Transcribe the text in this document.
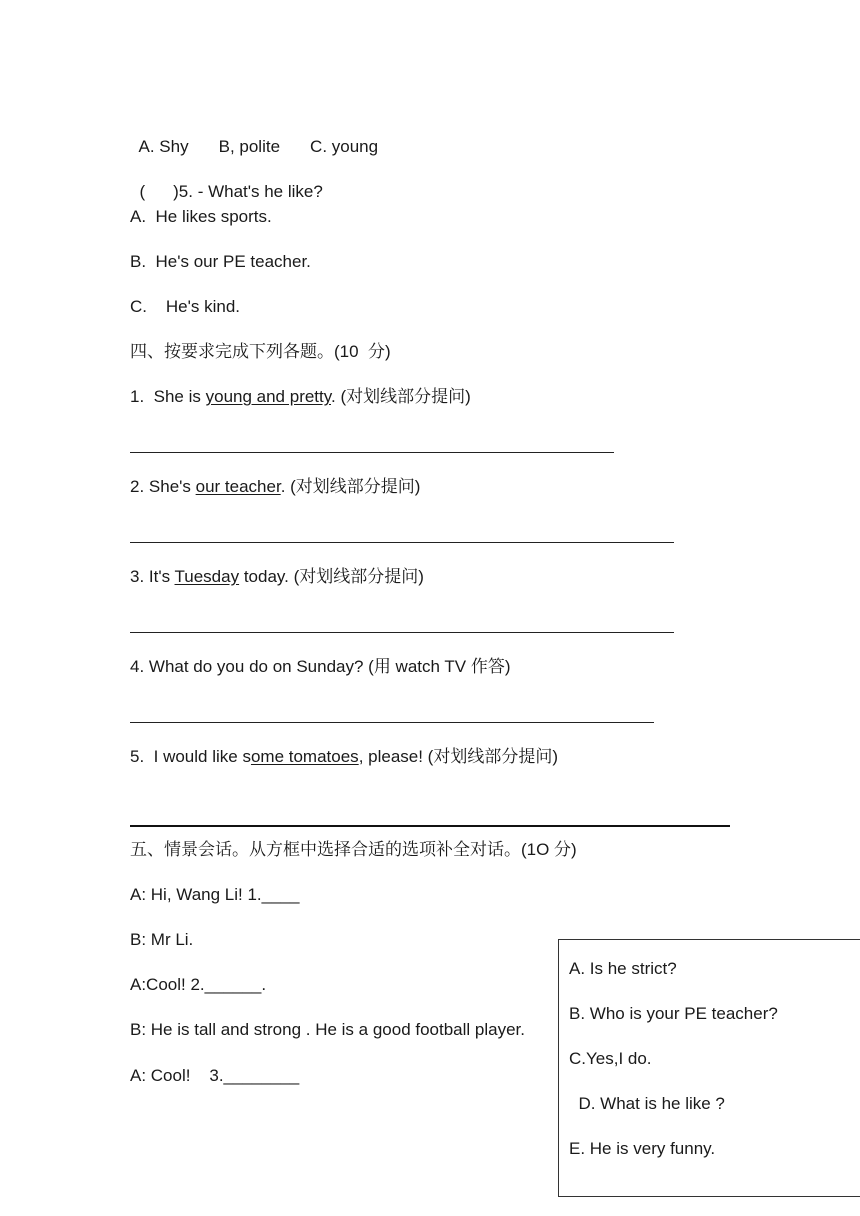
A. Shy B, polite C. young

( )5. - What's he like?

A.  He likes sports.
B.  He's our PE teacher.
C.    He's kind.
四、按要求完成下列各题。(10  分)
1.  She is young and pretty. (对划线部分提问)
2. She's our teacher. (对划线部分提问)
3. It's Tuesday today. (对划线部分提问)
4. What do you do on Sunday? (用 watch TV 作答)
5.  I would like some tomatoes, please! (对划线部分提问)
五、情景会话。从方框中选择合适的选项补全对话。(1O 分)
A: Hi, Wang Li! 1.____
B: Mr Li.
A:Cool! 2.______.
B: He is tall and strong . He is a good football player.
A: Cool!    3.________
A. Is he strict?
B. Who is your PE teacher?
C.Yes,I do.
D. What is he like ?
E. He is very funny.
